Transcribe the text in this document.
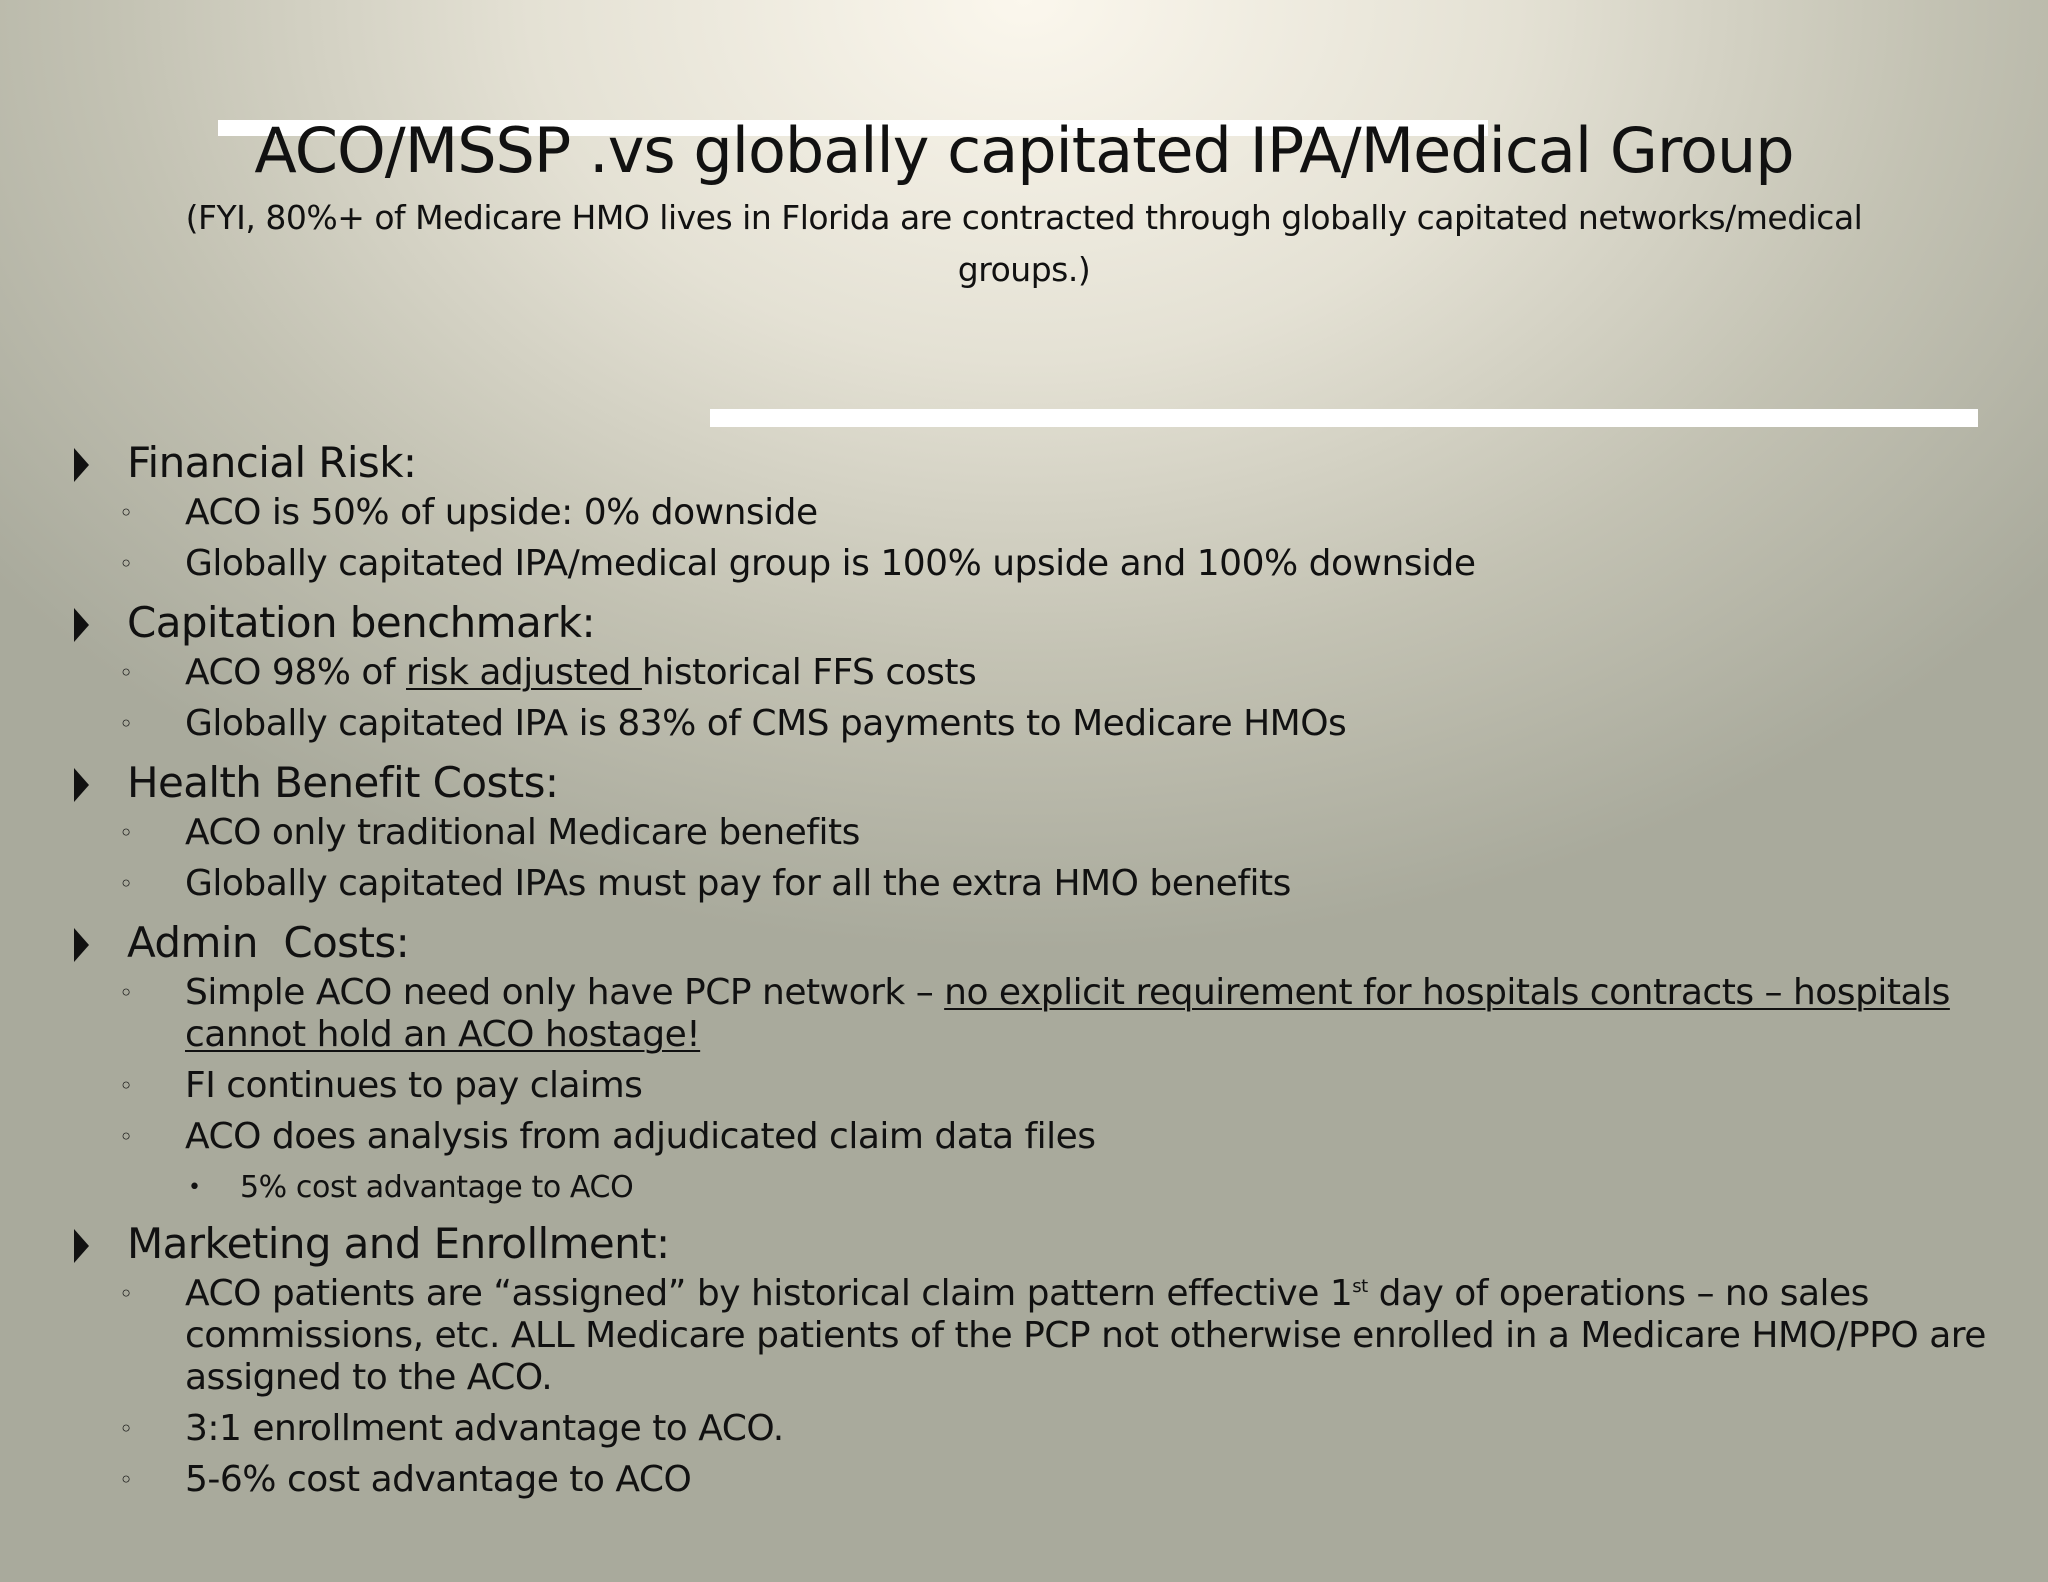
ACO/MSSP .vs globally capitated IPA/Medical Group
(FYI, 80%+ of Medicare HMO lives in Florida are contracted through globally capitated networks/medical groups.)
Financial Risk:
◦ ACO is 50% of upside: 0% downside
◦ Globally capitated IPA/medical group is 100% upside and 100% downside
Capitation benchmark:
◦ ACO 98% of risk adjusted historical FFS costs
◦ Globally capitated IPA is 83% of CMS payments to Medicare HMOs
Health Benefit Costs:
◦ ACO only traditional Medicare benefits
◦ Globally capitated IPAs must pay for all the extra HMO benefits
Admin  Costs:
◦ Simple ACO need only have PCP network – no explicit requirement for hospitals contracts – hospitals cannot hold an ACO hostage!
◦ FI continues to pay claims
◦ ACO does analysis from adjudicated claim data files
• 5% cost advantage to ACO
Marketing and Enrollment:
◦ ACO patients are “assigned” by historical claim pattern effective 1st day of operations – no sales commissions, etc. ALL Medicare patients of the PCP not otherwise enrolled in a Medicare HMO/PPO are assigned to the ACO.
◦ 3:1 enrollment advantage to ACO.
◦ 5-6% cost advantage to ACO
